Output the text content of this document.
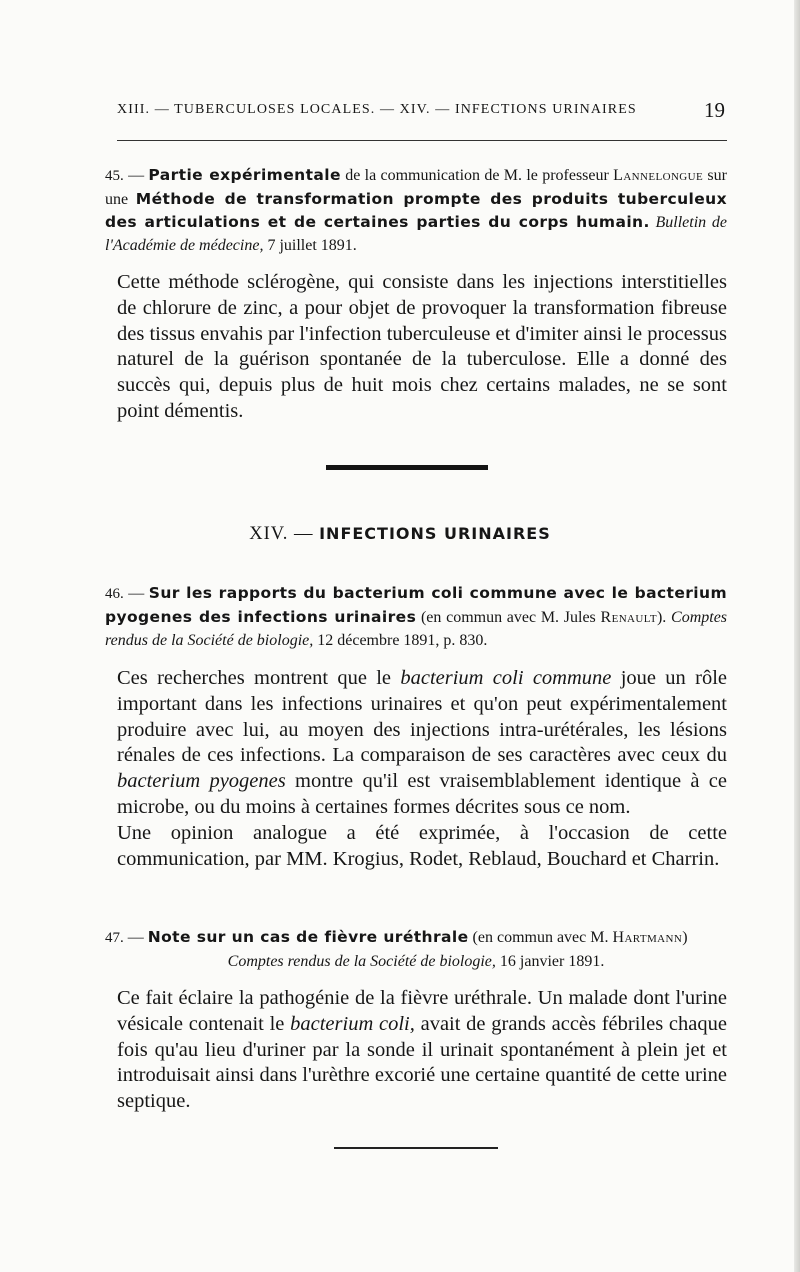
XIII. — TUBERCULOSES LOCALES. — XIV. — INFECTIONS URINAIRES	19
45. — Partie expérimentale de la communication de M. le professeur Lannelongue sur une Méthode de transformation prompte des produits tuberculeux des articulations et de certaines parties du corps humain. Bulletin de l'Académie de médecine, 7 juillet 1891.

Cette méthode sclérogène, qui consiste dans les injections interstitielles de chlorure de zinc, a pour objet de provoquer la transformation fibreuse des tissus envahis par l'infection tuberculeuse et d'imiter ainsi le processus naturel de la guérison spontanée de la tuberculose. Elle a donné des succès qui, depuis plus de huit mois chez certains malades, ne se sont point démentis.

XIV. — INFECTIONS URINAIRES
46. — Sur les rapports du bacterium coli commune avec le bacterium pyogenes des infections urinaires (en commun avec M. Jules Renault). Comptes rendus de la Société de biologie, 12 décembre 1891, p. 830.

Ces recherches montrent que le bacterium coli commune joue un rôle important dans les infections urinaires et qu'on peut expérimentalement produire avec lui, au moyen des injections intra-urétérales, les lésions rénales de ces infections. La comparaison de ses caractères avec ceux du bacterium pyogenes montre qu'il est vraisemblablement identique à ce microbe, ou du moins à certaines formes décrites sous ce nom.

Une opinion analogue a été exprimée, à l'occasion de cette communication, par MM. Krogius, Rodet, Reblaud, Bouchard et Charrin.

47. — Note sur un cas de fièvre uréthrale (en commun avec M. Hartmann)
Comptes rendus de la Société de biologie, 16 janvier 1891.

Ce fait éclaire la pathogénie de la fièvre uréthrale. Un malade dont l'urine vésicale contenait le bacterium coli, avait de grands accès fébriles chaque fois qu'au lieu d'uriner par la sonde il urinait spontanément à plein jet et introduisait ainsi dans l'urèthre excorié une certaine quantité de cette urine septique.
